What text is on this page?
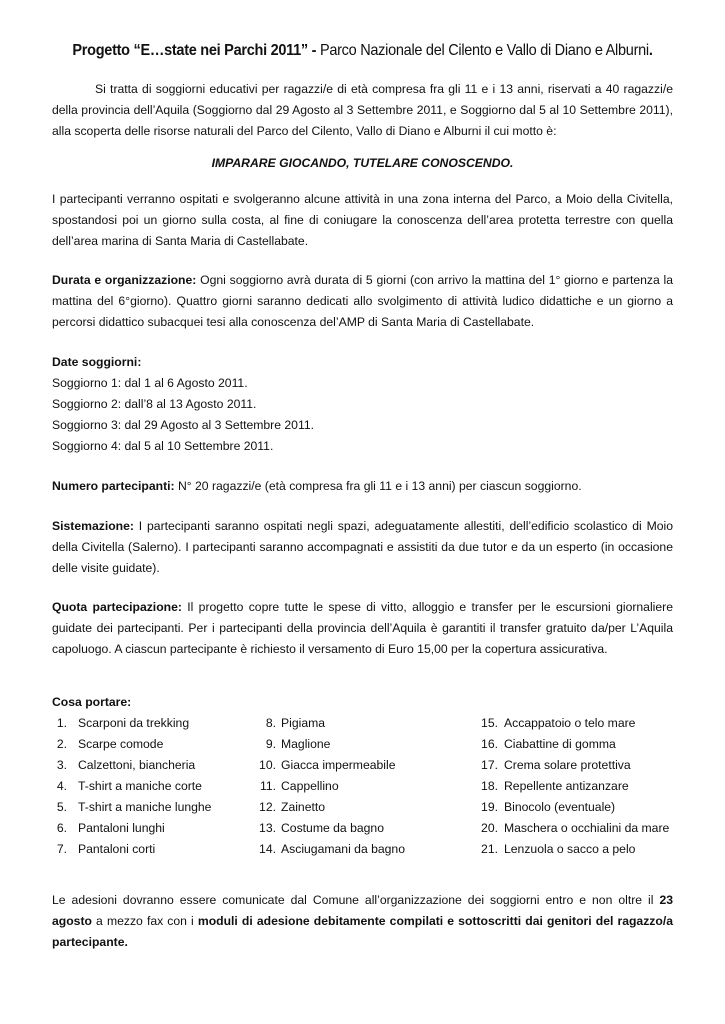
Progetto “E…state nei Parchi 2011” - Parco Nazionale del Cilento e Vallo di Diano e Alburni.
Si tratta di soggiorni educativi per ragazzi/e di età compresa fra gli 11 e i 13 anni, riservati a 40 ragazzi/e della provincia dell’Aquila (Soggiorno dal 29 Agosto al 3 Settembre 2011, e Soggiorno dal 5 al 10 Settembre 2011), alla scoperta delle risorse naturali del Parco del Cilento, Vallo di Diano e Alburni il cui motto è:
IMPARARE GIOCANDO, TUTELARE CONOSCENDO.
I partecipanti verranno ospitati e svolgeranno alcune attività in una zona interna del Parco, a Moio della Civitella, spostandosi poi un giorno sulla costa, al fine di coniugare la conoscenza dell’area protetta terrestre con quella dell’area marina di Santa Maria di Castellabate.
Durata e organizzazione: Ogni soggiorno avrà durata di 5 giorni (con arrivo la mattina del 1° giorno e partenza la mattina del 6°giorno). Quattro giorni saranno dedicati allo svolgimento di attività ludico didattiche e un giorno a percorsi didattico subacquei tesi alla conoscenza del’AMP di Santa Maria di Castellabate.
Date soggiorni:
Soggiorno 1: dal 1 al 6 Agosto 2011.
Soggiorno 2: dall’8 al 13 Agosto 2011.
Soggiorno 3: dal 29 Agosto al 3 Settembre 2011.
Soggiorno 4: dal 5 al 10 Settembre 2011.
Numero partecipanti: N° 20 ragazzi/e (età compresa fra gli 11 e i 13 anni) per ciascun soggiorno.
Sistemazione: I partecipanti saranno ospitati negli spazi, adeguatamente allestiti, dell’edificio scolastico di Moio della Civitella (Salerno). I partecipanti saranno accompagnati e assistiti da due tutor e da un esperto (in occasione delle visite guidate).
Quota partecipazione: Il progetto copre tutte le spese di vitto, alloggio e transfer per le escursioni giornaliere guidate dei partecipanti. Per i partecipanti della provincia dell’Aquila è garantiti il transfer gratuito da/per L’Aquila capoluogo. A ciascun partecipante è richiesto il versamento di Euro 15,00 per la copertura assicurativa.
Cosa portare:
1. Scarponi da trekking
2. Scarpe comode
3. Calzettoni, biancheria
4. T-shirt a maniche corte
5. T-shirt a maniche lunghe
6. Pantaloni lunghi
7. Pantaloni corti
8. Pigiama
9. Maglione
10. Giacca impermeabile
11. Cappellino
12. Zainetto
13. Costume da bagno
14. Asciugamani da bagno
15. Accappatoio o telo mare
16. Ciabattine di gomma
17. Crema solare protettiva
18. Repellente antizanzare
19. Binocolo (eventuale)
20. Maschera o occhialini da mare
21. Lenzuola o sacco a pelo
Le adesioni dovranno essere comunicate dal Comune all’organizzazione dei soggiorni entro e non oltre il 23 agosto a mezzo fax con i moduli di adesione debitamente compilati e sottoscritti dai genitori del ragazzo/a partecipante.
